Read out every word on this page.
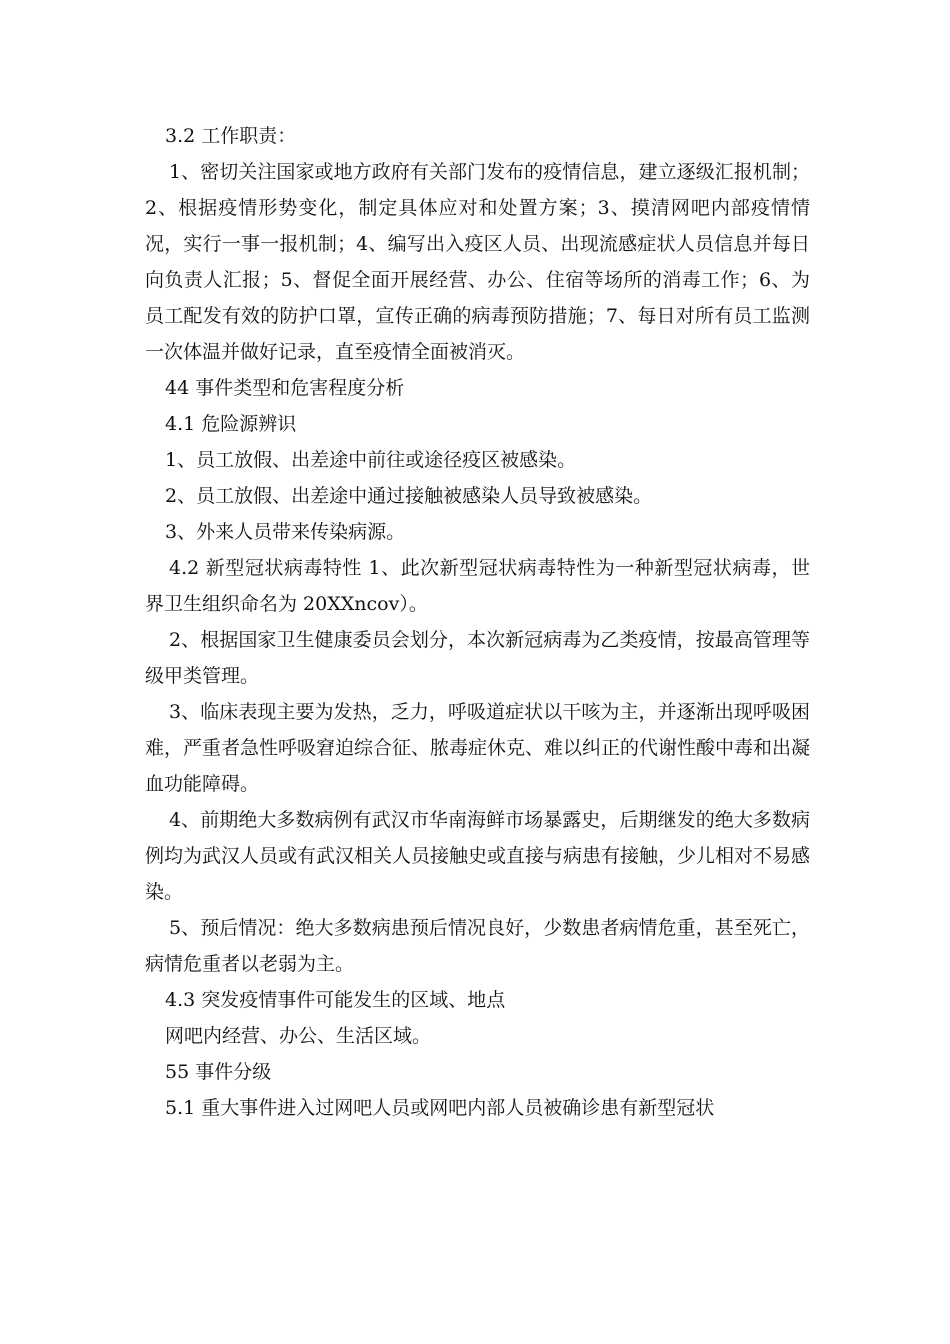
3.2 工作职责：

1、密切关注国家或地方政府有关部门发布的疫情信息，建立逐级汇报机制；2、根据疫情形势变化，制定具体应对和处置方案；3、摸清网吧内部疫情情况，实行一事一报机制；4、编写出入疫区人员、出现流感症状人员信息并每日向负责人汇报；5、督促全面开展经营、办公、住宿等场所的消毒工作；6、为员工配发有效的防护口罩，宣传正确的病毒预防措施；7、每日对所有员工监测一次体温并做好记录，直至疫情全面被消灭。

44 事件类型和危害程度分析

4.1 危险源辨识

1、员工放假、出差途中前往或途径疫区被感染。

2、员工放假、出差途中通过接触被感染人员导致被感染。

3、外来人员带来传染病源。

4.2 新型冠状病毒特性 1、此次新型冠状病毒特性为一种新型冠状病毒，世界卫生组织命名为 20XXncov）。

2、根据国家卫生健康委员会划分，本次新冠病毒为乙类疫情，按最高管理等级甲类管理。

3、临床表现主要为发热，乏力，呼吸道症状以干咳为主，并逐渐出现呼吸困难，严重者急性呼吸窘迫综合征、脓毒症休克、难以纠正的代谢性酸中毒和出凝血功能障碍。

4、前期绝大多数病例有武汉市华南海鲜市场暴露史，后期继发的绝大多数病例均为武汉人员或有武汉相关人员接触史或直接与病患有接触，少儿相对不易感染。

5、预后情况：绝大多数病患预后情况良好，少数患者病情危重，甚至死亡，病情危重者以老弱为主。

4.3 突发疫情事件可能发生的区域、地点

网吧内经营、办公、生活区域。

55 事件分级

5.1 重大事件进入过网吧人员或网吧内部人员被确诊患有新型冠状
